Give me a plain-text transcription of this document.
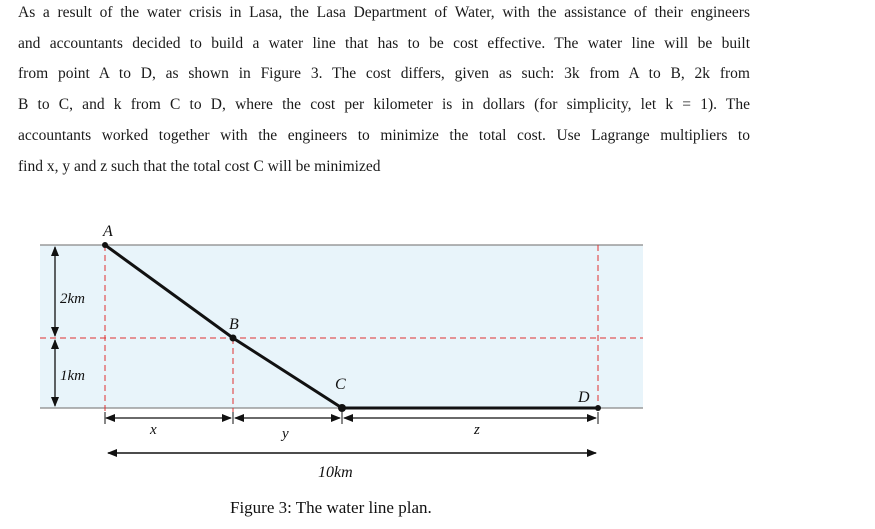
As a result of the water crisis in Lasa, the Lasa Department of Water, with the assistance of their engineers
and accountants decided to build a water line that has to be cost effective. The water line will be built
from point A to D, as shown in Figure 3. The cost differs, given as such: 3k from A to B, 2k from
B to C, and k from C to D, where the cost per kilometer is in dollars (for simplicity, let k = 1). The
accountants worked together with the engineers to minimize the total cost. Use Lagrange multipliers to
find x, y and z such that the total cost C will be minimized
2km
1km
A
B
C
D
x	y	z
10km
Figure 3: The water line plan.
